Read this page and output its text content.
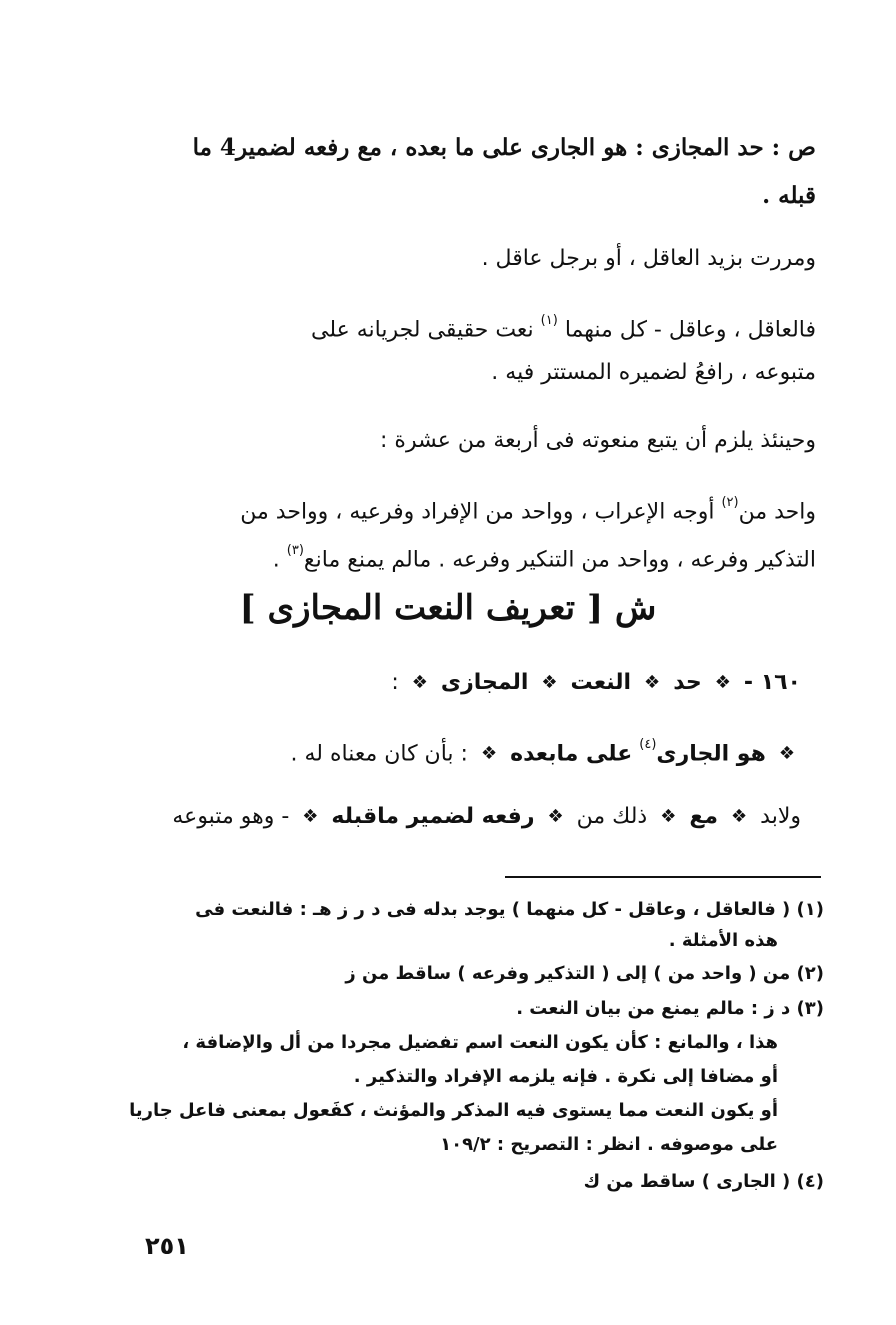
ص : حد المجازى : هو الجارى على ما بعده ، مع رفعه لضمير4 ما
قبله .
ومررت بزيد العاقل ، أو برجل عاقل .
فالعاقل ، وعاقل - كل منهما $^{(١)}$ نعت حقيقى لجريانه على
متبوعه ، رافعُ لضميره المستتر فيه .
وحينئذ يلزم أن يتبع منعوته فى أربعة من عشرة :
واحد من$^{(٢)}$ أوجه الإعراب ، وواحد من الإفراد وفرعيه ، وواحد من
التذكير وفرعه ، وواحد من التنكير وفرعه . مالم يمنع مانع$^{(٣)}$ .
ش [ تعريف النعت المجازى ]
١٦٠ - ❖ حد ❖ النعت ❖ المجازى ❖ :
❖ هو الجارى$^{(٤)}$ على مابعده ❖ : بأن كان معناه له .
ولابد ❖ مع ❖ ذلك من ❖ رفعه لضمير ماقبله ❖ - وهو متبوعه
(١) ( فالعاقل ، وعاقل - كل منهما ) يوجد بدله فى د ر ز هـ : فالنعت فى
هذه الأمثلة .
(٢) من ( واحد من ) إلى ( التذكير وفرعه ) ساقط من ز
(٣) د ز : مالم يمنع من بيان النعت .
هذا ، والمانع : كأن يكون النعت اسم تفضيل مجردا من أل والإضافة ،
أو مضافا إلى نكرة . فإنه يلزمه الإفراد والتذكير .
أو يكون النعت مما يستوى فيه المذكر والمؤنث ، كفَعول بمعنى فاعل جاريا
على موصوفه . انظر : التصريح : ١٠٩/٢
(٤) ( الجارى ) ساقط من ك
٢٥١
